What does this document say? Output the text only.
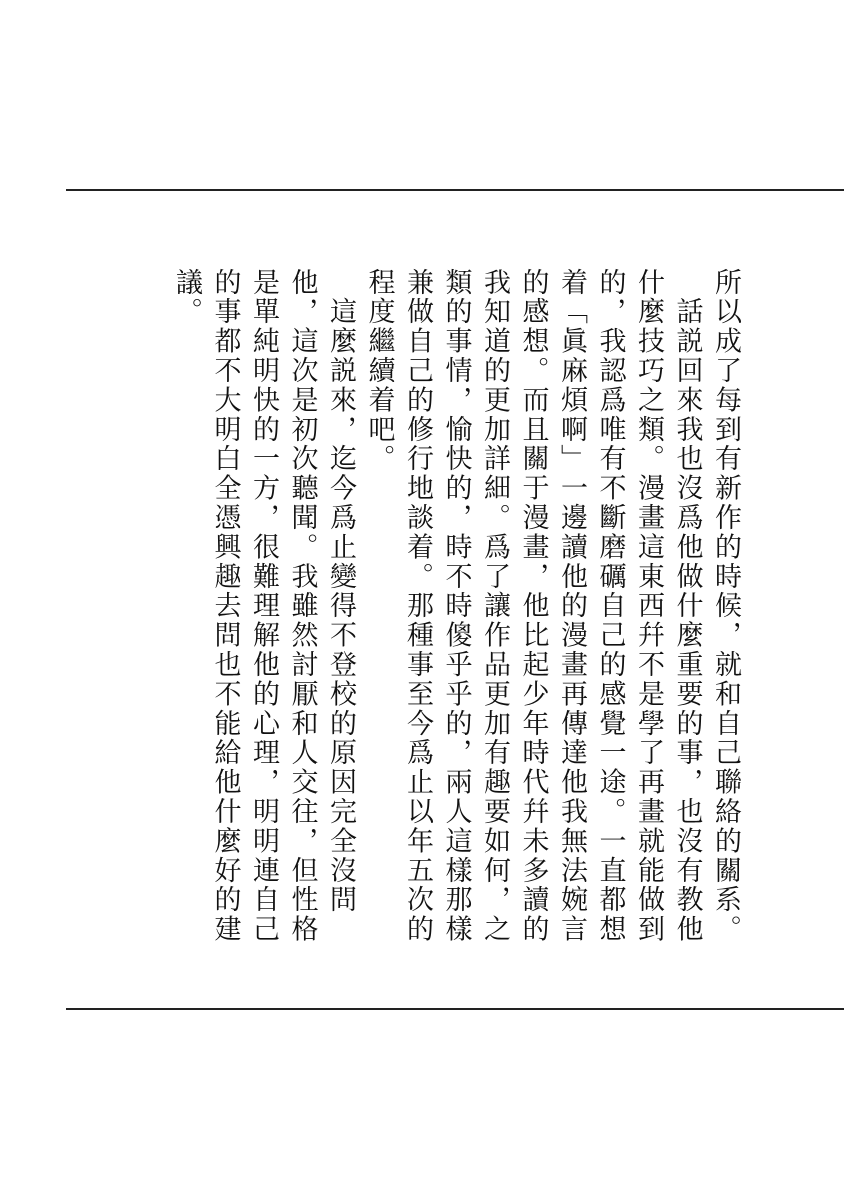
所以成了每到有新作的時候，就和自己聯絡的關系。

　話説回來我也沒爲他做什麼重要的事，也沒有教他什麼技巧之類。漫畫這東西幷不是學了再畫就能做到的，我認爲唯有不斷磨礪自己的感覺一途。一直都想着「眞麻煩啊」一邊讀他的漫畫再傳達他我無法婉言的感想。而且關于漫畫，他比起少年時代幷未多讀的我知道的更加詳細。爲了讓作品更加有趣要如何，之類的事情，愉快的，時不時傻乎乎的，兩人這樣那樣兼做自己的修行地談着。那種事至今爲止以年五次的程度繼續着吧。

　這麼説來，迄今爲止變得不登校的原因完全沒問他，這次是初次聽聞。我雖然討厭和人交往，但性格是單純明快的一方，很難理解他的心理，明明連自己的事都不大明白全憑興趣去問也不能給他什麼好的建議。
